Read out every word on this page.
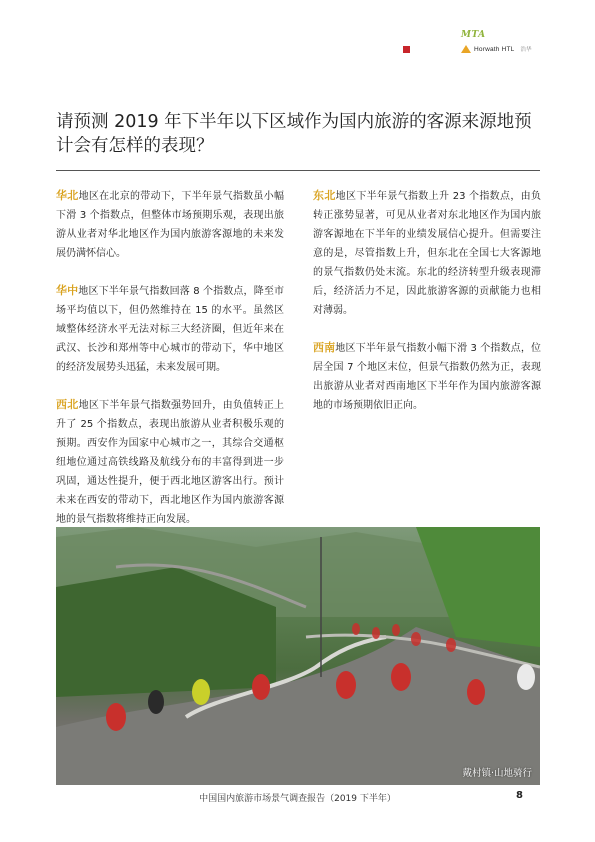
MTA
Horwath HTL 浩华
请预测 2019 年下半年以下区域作为国内旅游的客源来源地预计会有怎样的表现？

华北地区在北京的带动下，下半年景气指数虽小幅下滑 3 个指数点，但整体市场预期乐观，表现出旅游从业者对华北地区作为国内旅游客源地的未来发展仍满怀信心。

华中地区下半年景气指数回落 8 个指数点，降至市场平均值以下，但仍然维持在 15 的水平。虽然区域整体经济水平无法对标三大经济圈，但近年来在武汉、长沙和郑州等中心城市的带动下，华中地区的经济发展势头迅猛，未来发展可期。

西北地区下半年景气指数强势回升，由负值转正上升了 25 个指数点，表现出旅游从业者积极乐观的预期。西安作为国家中心城市之一，其综合交通枢纽地位通过高铁线路及航线分布的丰富得到进一步巩固，通达性提升，便于西北地区游客出行。预计未来在西安的带动下，西北地区作为国内旅游客源地的景气指数将维持正向发展。

东北地区下半年景气指数上升 23 个指数点，由负转正涨势显著，可见从业者对东北地区作为国内旅游客源地在下半年的业绩发展信心提升。但需要注意的是，尽管指数上升，但东北在全国七大客源地的景气指数仍处末流。东北的经济转型升级表现滞后，经济活力不足，因此旅游客源的贡献能力也相对薄弱。

西南地区下半年景气指数小幅下滑 3 个指数点，位居全国 7 个地区末位，但景气指数仍然为正，表现出旅游从业者对西南地区下半年作为国内旅游客源地的市场预期依旧正向。

戴村镇·山地骑行
中国国内旅游市场景气调查报告（2019 下半年）	8
